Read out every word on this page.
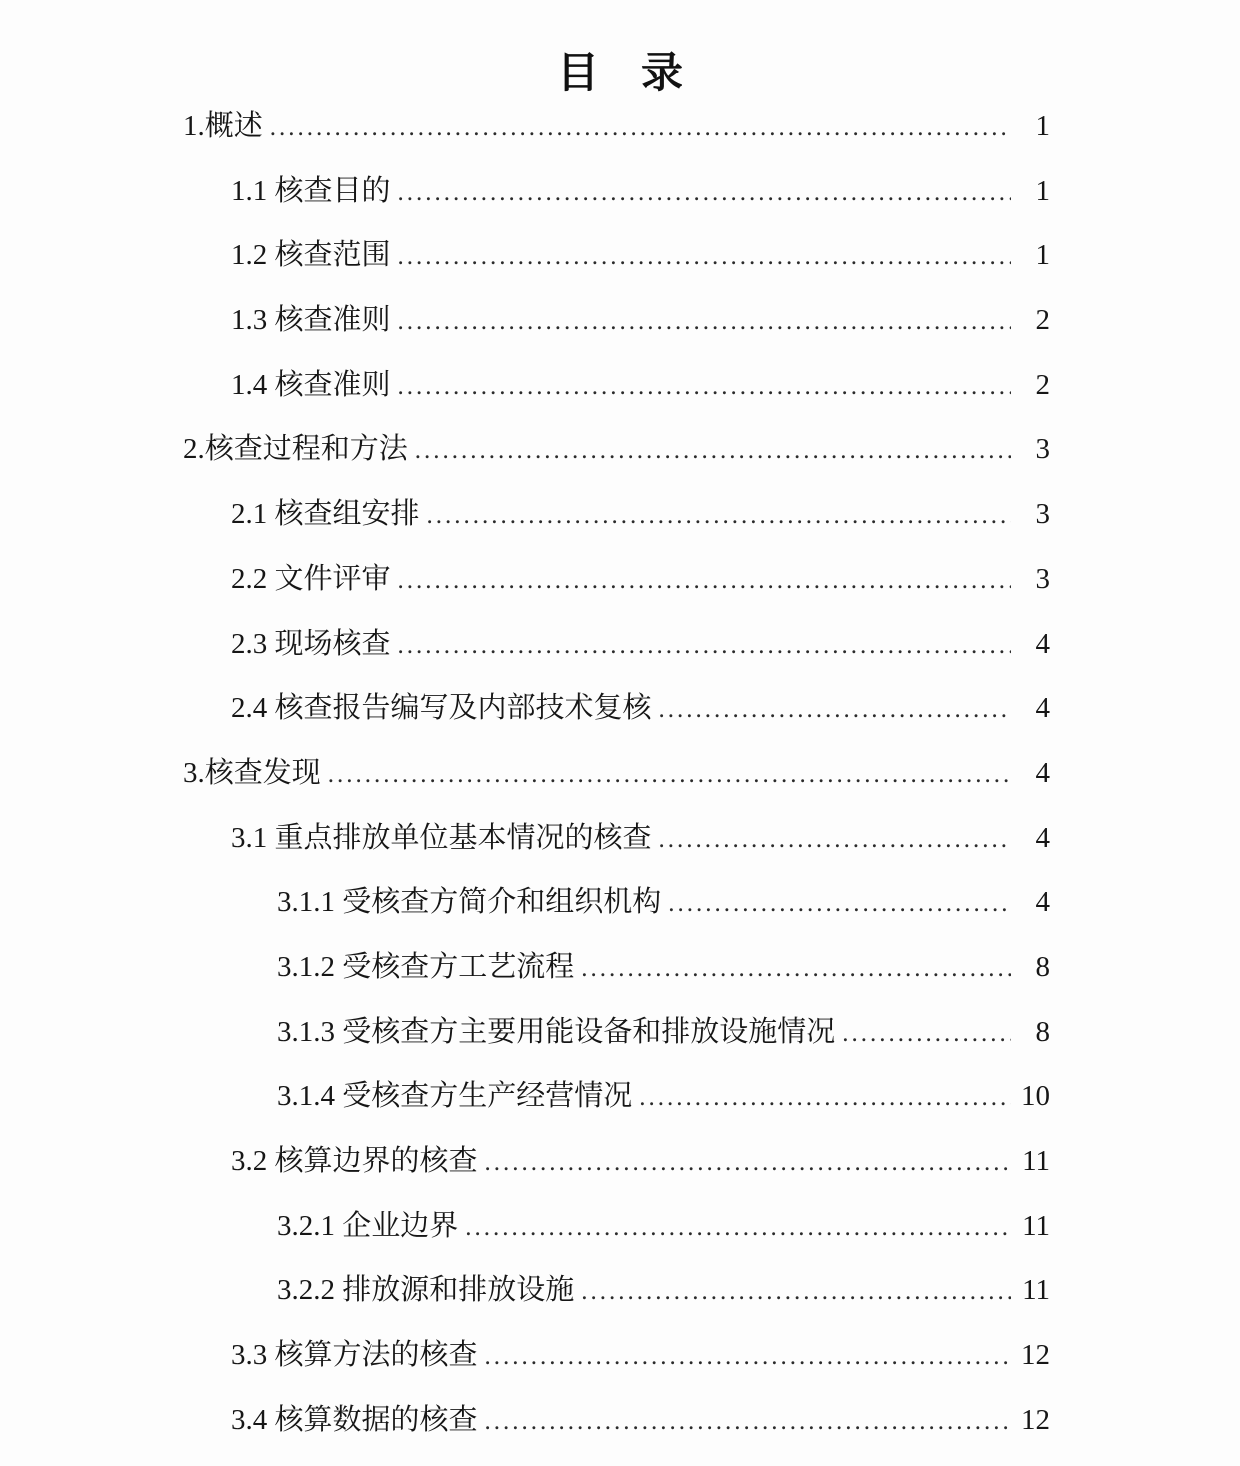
目　录
1.概述 .....	1
1.1 核查目的 .....	1
1.2 核查范围 .....	1
1.3 核查准则 .....	2
1.4 核查准则 .....	2
2.核查过程和方法 .....	3
2.1 核查组安排 .....	3
2.2 文件评审 .....	3
2.3 现场核查 .....	4
2.4 核查报告编写及内部技术复核 .....	4
3.核查发现 .....	4
3.1 重点排放单位基本情况的核查 .....	4
3.1.1 受核查方简介和组织机构 .....	4
3.1.2 受核查方工艺流程 .....	8
3.1.3 受核查方主要用能设备和排放设施情况 .....	8
3.1.4 受核查方生产经营情况 .....	10
3.2 核算边界的核查 .....	11
3.2.1 企业边界 .....	11
3.2.2 排放源和排放设施 .....	11
3.3 核算方法的核查 .....	12
3.4 核算数据的核查 .....	12
